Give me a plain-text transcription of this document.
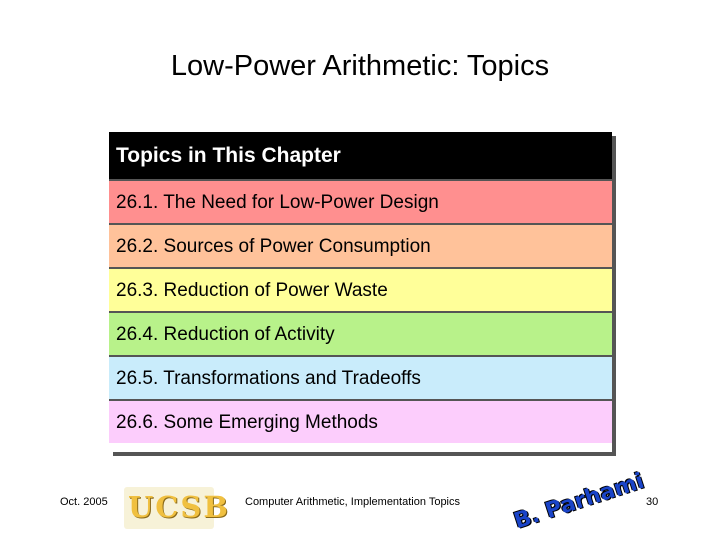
Low-Power Arithmetic: Topics
Topics in This Chapter
26.1. The Need for Low-Power Design
26.2. Sources of Power Consumption
26.3. Reduction of Power Waste
26.4. Reduction of Activity
26.5. Transformations and Tradeoffs
26.6. Some Emerging Methods
Oct. 2005 UCSB Computer Arithmetic, Implementation Topics B. Parhami
30
